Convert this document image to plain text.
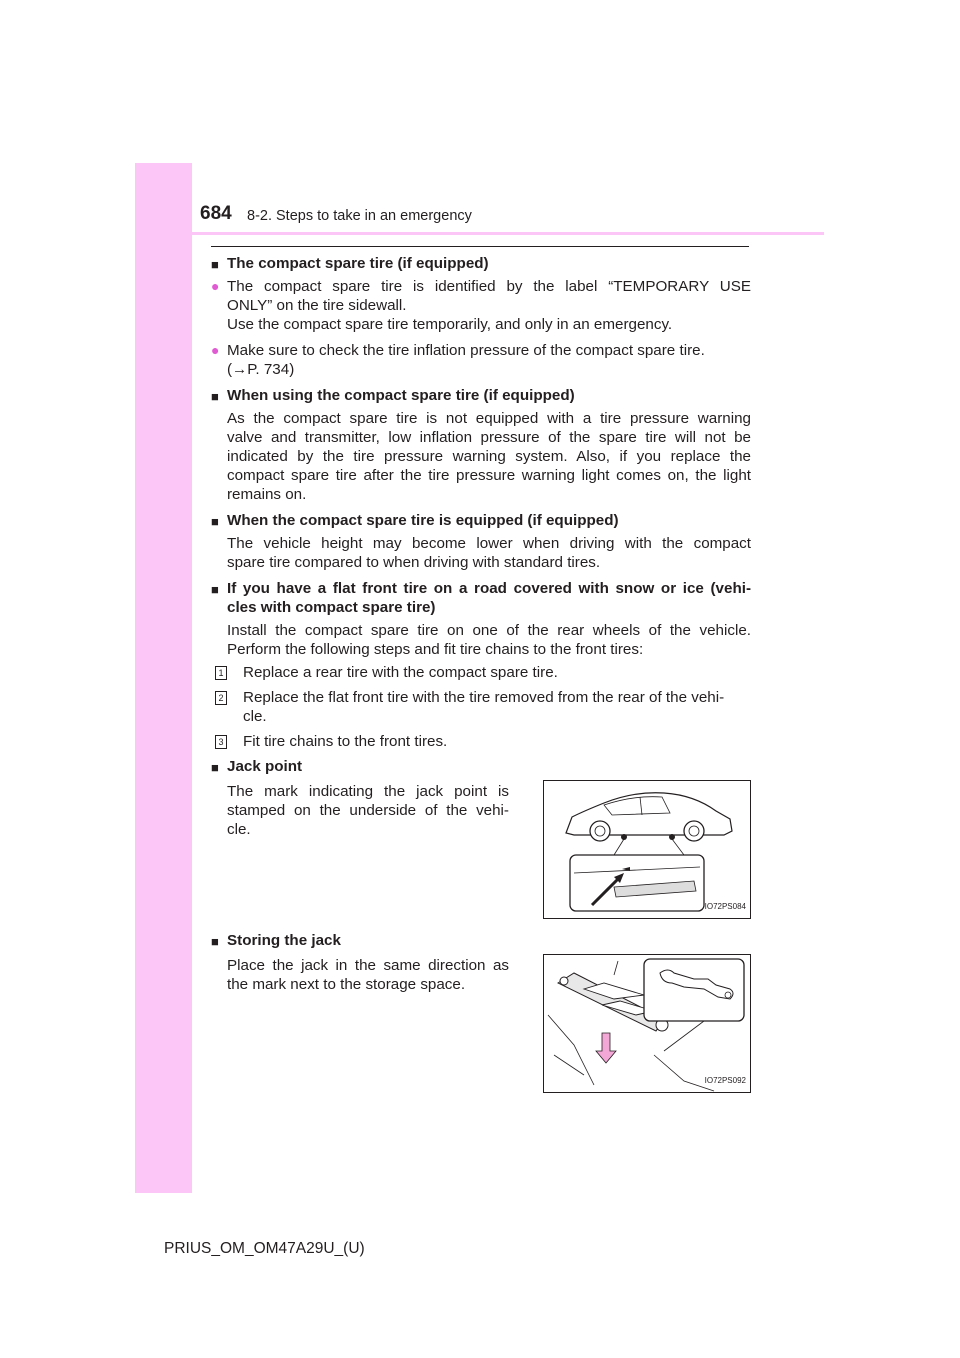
684 8-2. Steps to take in an emergency
■ The compact spare tire (if equipped)
● The compact spare tire is identified by the label “TEMPORARY USE
ONLY” on the tire sidewall.
Use the compact spare tire temporarily, and only in an emergency.
● Make sure to check the tire inflation pressure of the compact spare tire.
(→P. 734)
■ When using the compact spare tire (if equipped)
As the compact spare tire is not equipped with a tire pressure warning
valve and transmitter, low inflation pressure of the spare tire will not be
indicated by the tire pressure warning system. Also, if you replace the
compact spare tire after the tire pressure warning light comes on, the light
remains on.
■ When the compact spare tire is equipped (if equipped)
The vehicle height may become lower when driving with the compact
spare tire compared to when driving with standard tires.
■ If you have a flat front tire on a road covered with snow or ice (vehi-
cles with compact spare tire)
Install the compact spare tire on one of the rear wheels of the vehicle.
Perform the following steps and fit tire chains to the front tires:
1 Replace a rear tire with the compact spare tire.
2 Replace the flat front tire with the tire removed from the rear of the vehi-
cle.
3 Fit tire chains to the front tires.
■ Jack point
The mark indicating the jack point is
stamped on the underside of the vehi-
cle.
IO72PS084
■ Storing the jack
Place the jack in the same direction as
the mark next to the storage space.
IO72PS092
PRIUS_OM_OM47A29U_(U)
